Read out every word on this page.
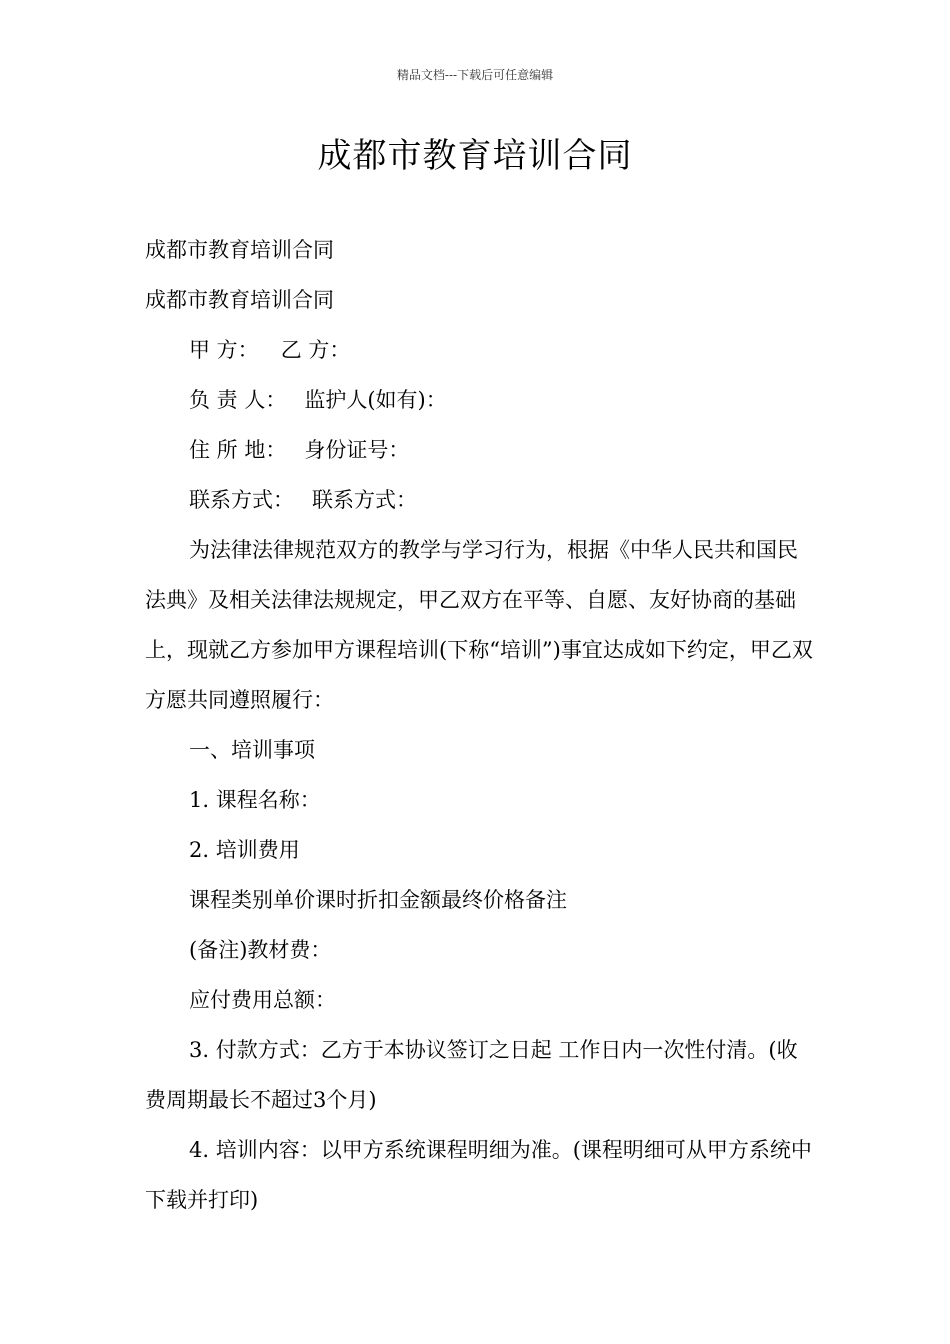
精品文档---下载后可任意编辑
成都市教育培训合同
成都市教育培训合同
成都市教育培训合同
甲 方： 乙 方：
负 责 人： 监护人(如有)：
住 所 地： 身份证号：
联系方式： 联系方式：
为法律法律规范双方的教学与学习行为，根据《中华人民共和国民法典》及相关法律法规规定，甲乙双方在平等、自愿、友好协商的基础上，现就乙方参加甲方课程培训(下称“培训”)事宜达成如下约定，甲乙双方愿共同遵照履行：
一、培训事项
1. 课程名称：
2. 培训费用
课程类别单价课时折扣金额最终价格备注
(备注)教材费：
应付费用总额：
3. 付款方式：乙方于本协议签订之日起 工作日内一次性付清。(收费周期最长不超过3个月)
4. 培训内容：以甲方系统课程明细为准。(课程明细可从甲方系统中下载并打印)
